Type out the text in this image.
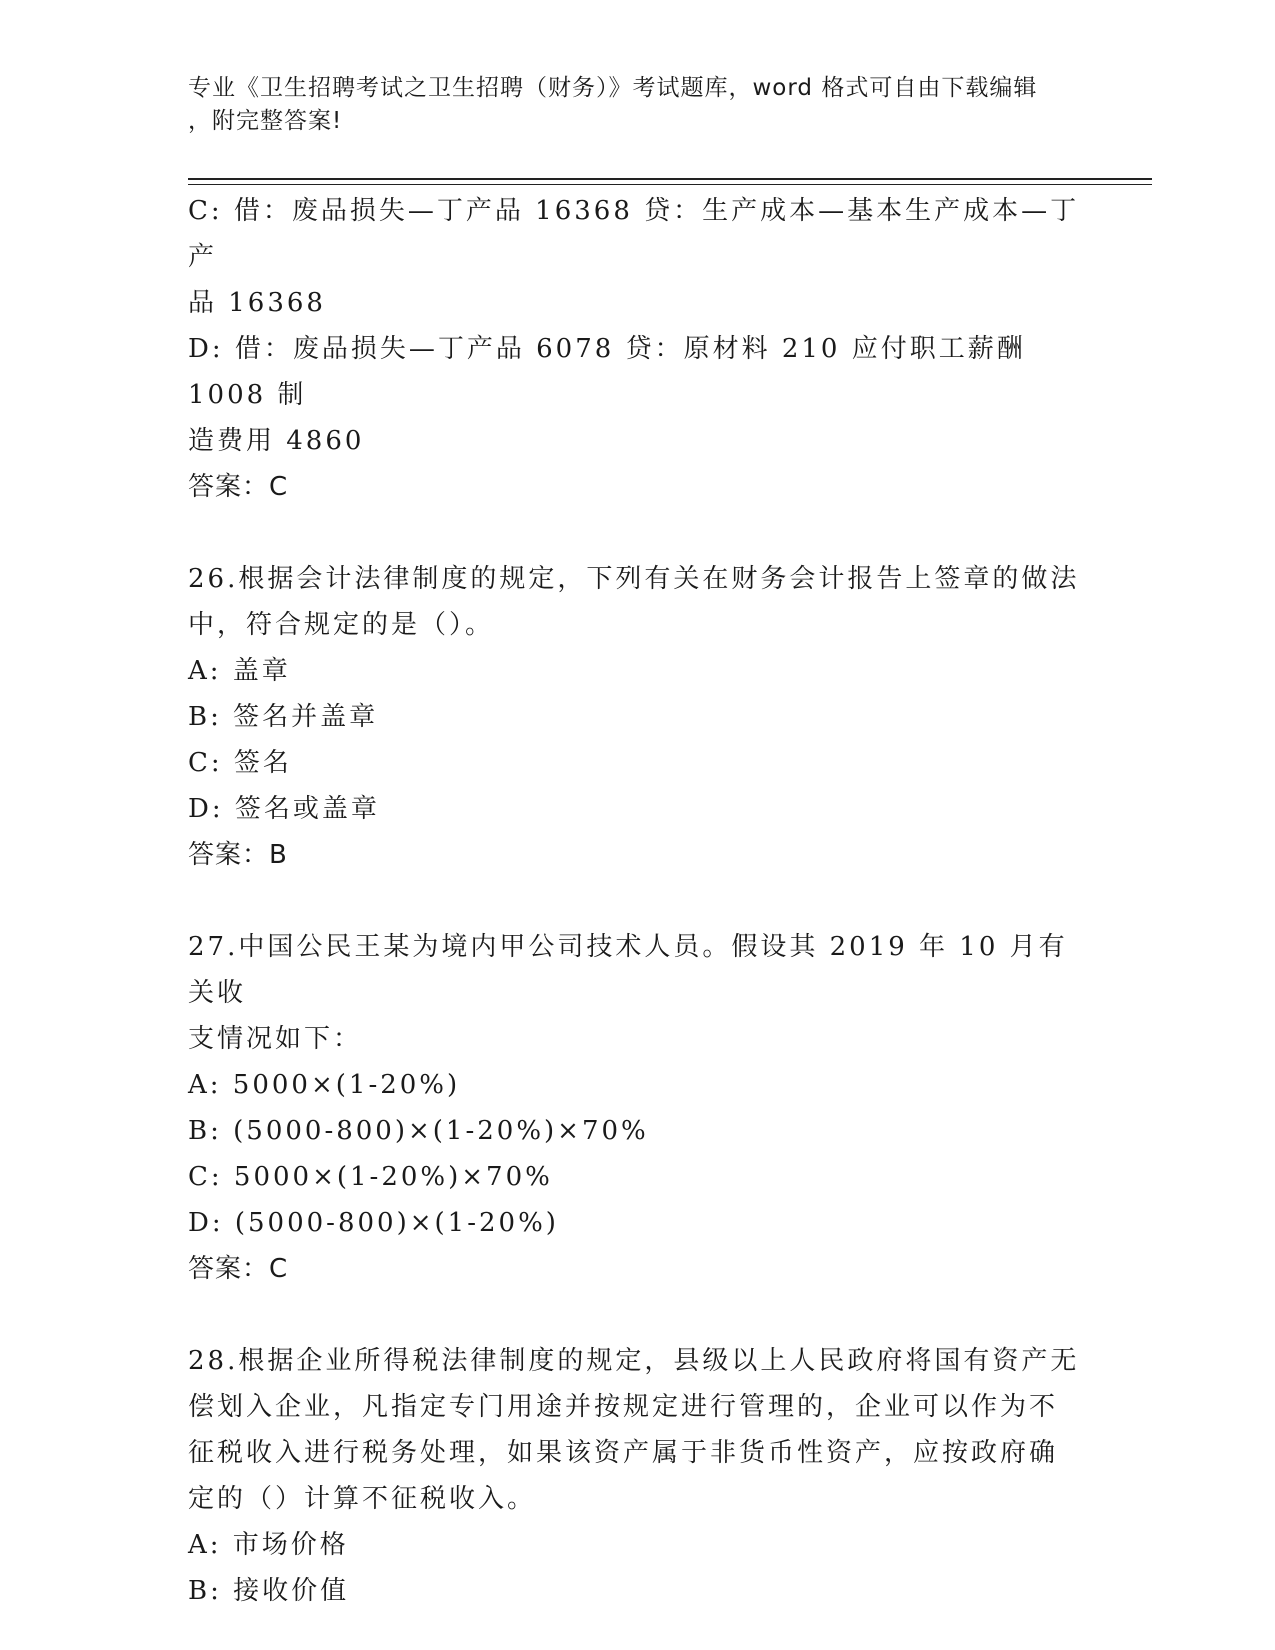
专业《卫生招聘考试之卫生招聘（财务）》考试题库，word 格式可自由下载编辑
，附完整答案!
C: 借：废品损失—丁产品 16368 贷：生产成本—基本生产成本—丁产
品 16368
D: 借：废品损失—丁产品 6078 贷：原材料 210 应付职工薪酬 1008 制
造费用 4860
答案：C
26.根据会计法律制度的规定，下列有关在财务会计报告上签章的做法
中，符合规定的是（）。
A: 盖章
B: 签名并盖章
C: 签名
D: 签名或盖章
答案：B
27.中国公民王某为境内甲公司技术人员。假设其 2019 年 10 月有关收
支情况如下：
A: 5000×(1-20%)
B: (5000-800)×(1-20%)×70%
C: 5000×(1-20%)×70%
D: (5000-800)×(1-20%)
答案：C
28.根据企业所得税法律制度的规定，县级以上人民政府将国有资产无
偿划入企业，凡指定专门用途并按规定进行管理的，企业可以作为不
征税收入进行税务处理，如果该资产属于非货币性资产，应按政府确
定的（）计算不征税收入。
A: 市场价格
B: 接收价值
